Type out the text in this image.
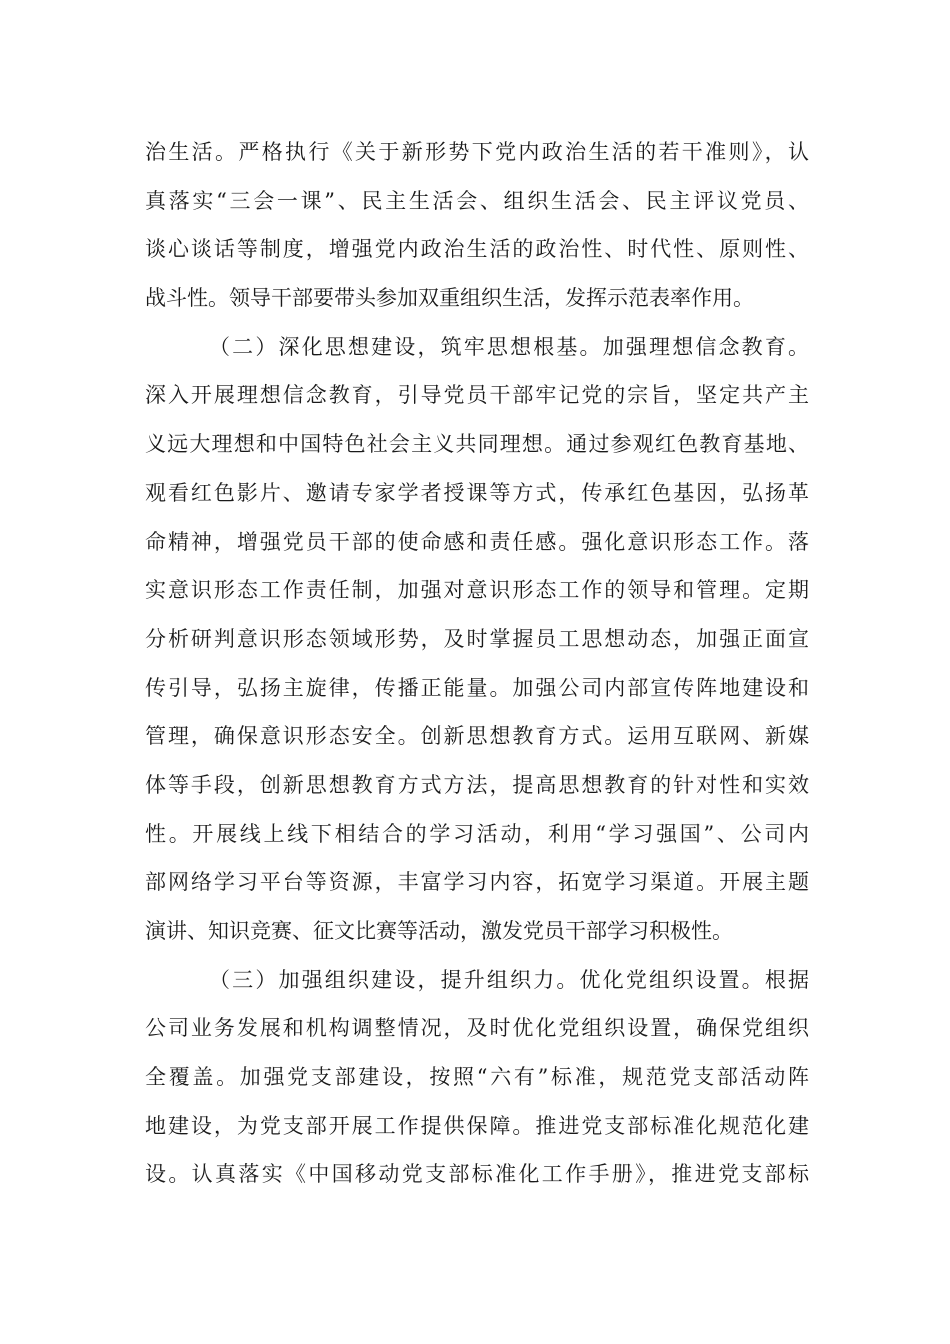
治生活。严格执行《关于新形势下党内政治生活的若干准则》，认
真落实“三会一课”、民主生活会、组织生活会、民主评议党员、
谈心谈话等制度，增强党内政治生活的政治性、时代性、原则性、
战斗性。领导干部要带头参加双重组织生活，发挥示范表率作用。
（二）深化思想建设，筑牢思想根基。加强理想信念教育。
深入开展理想信念教育，引导党员干部牢记党的宗旨，坚定共产主
义远大理想和中国特色社会主义共同理想。通过参观红色教育基地、
观看红色影片、邀请专家学者授课等方式，传承红色基因，弘扬革
命精神，增强党员干部的使命感和责任感。强化意识形态工作。落
实意识形态工作责任制，加强对意识形态工作的领导和管理。定期
分析研判意识形态领域形势，及时掌握员工思想动态，加强正面宣
传引导，弘扬主旋律，传播正能量。加强公司内部宣传阵地建设和
管理，确保意识形态安全。创新思想教育方式。运用互联网、新媒
体等手段，创新思想教育方式方法，提高思想教育的针对性和实效
性。开展线上线下相结合的学习活动，利用“学习强国”、公司内
部网络学习平台等资源，丰富学习内容，拓宽学习渠道。开展主题
演讲、知识竞赛、征文比赛等活动，激发党员干部学习积极性。
（三）加强组织建设，提升组织力。优化党组织设置。根据
公司业务发展和机构调整情况，及时优化党组织设置，确保党组织
全覆盖。加强党支部建设，按照“六有”标准，规范党支部活动阵
地建设，为党支部开展工作提供保障。推进党支部标准化规范化建
设。认真落实《中国移动党支部标准化工作手册》，推进党支部标
